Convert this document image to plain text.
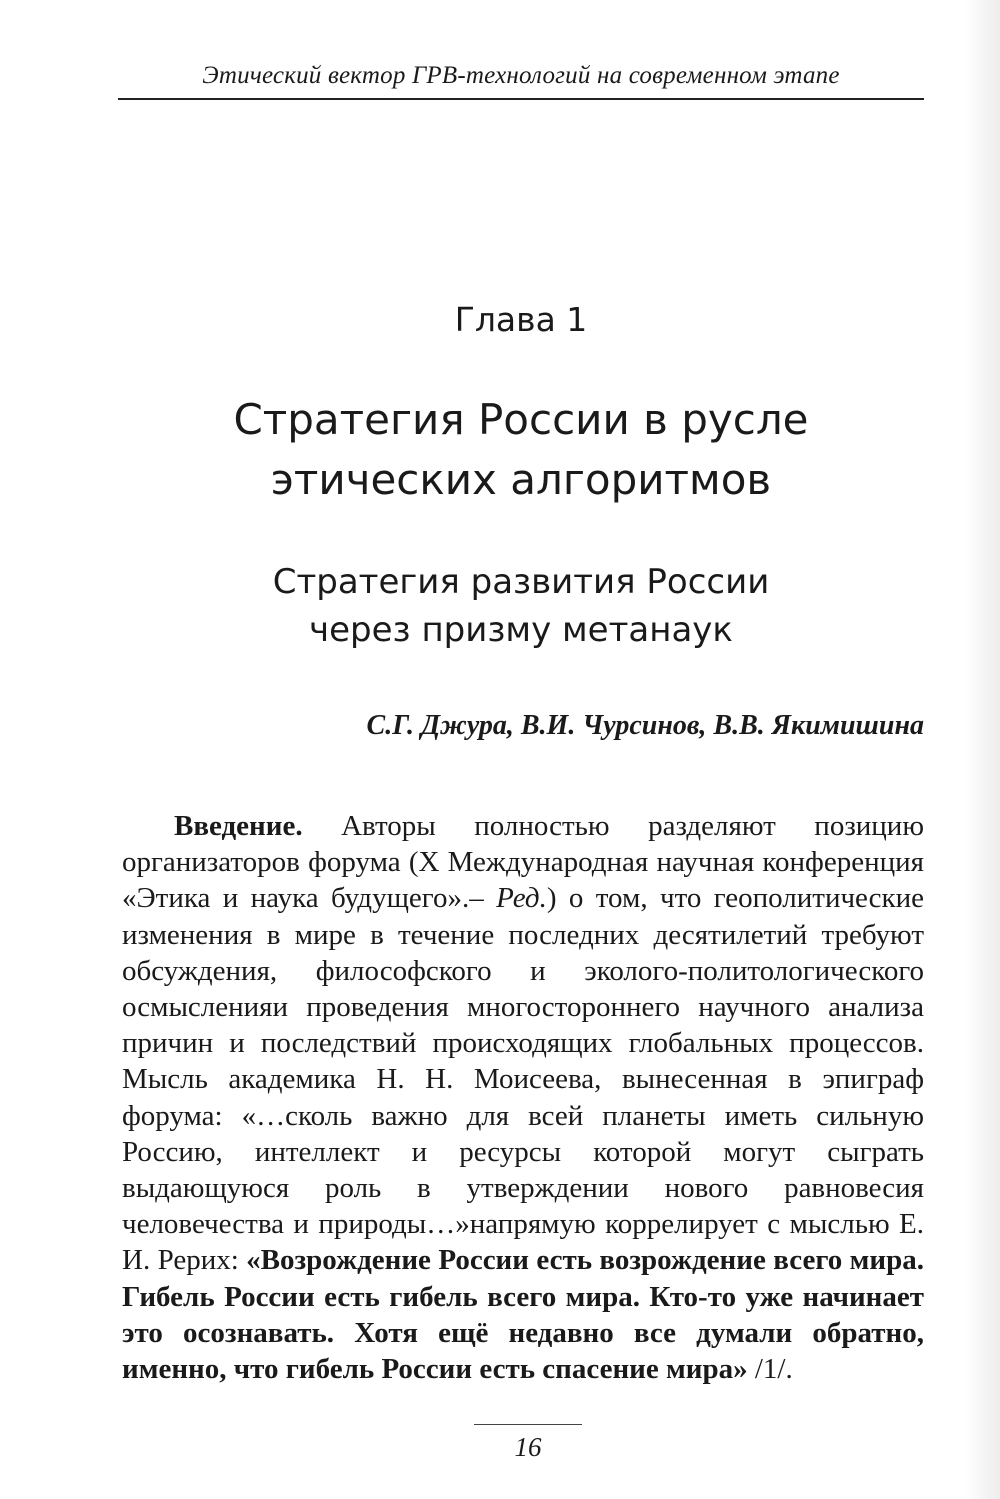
Этический вектор ГРВ-технологий на современном этапе
Глава 1
Стратегия России в русле
этических алгоритмов
Стратегия развития России
через призму метанаук
С.Г. Джура, В.И. Чурсинов, В.В. Якимишина

Введение. Авторы полностью разделяют позицию организаторов форума (X Международная научная конференция «Этика и наука будущего».– Ред.) о том, что геополитические изменения в мире в течение последних десятилетий требуют обсуждения, философского и эколого-политологического осмысленияи проведения многостороннего научного анализа причин и последствий происходящих глобальных процессов. Мысль академика Н. Н. Моисеева, вынесенная в эпиграф форума: «…сколь важно для всей планеты иметь сильную Россию, интеллект и ресурсы которой могут сыграть выдающуюся роль в утверждении нового равновесия человечества и природы…»напрямую коррелирует с мыслью Е. И. Рерих: «Возрождение России есть возрождение всего мира. Гибель России есть гибель всего мира. Кто-то уже начинает это осознавать. Хотя ещё недавно все думали обратно, именно, что гибель России есть спасение мира» /1/.

16
